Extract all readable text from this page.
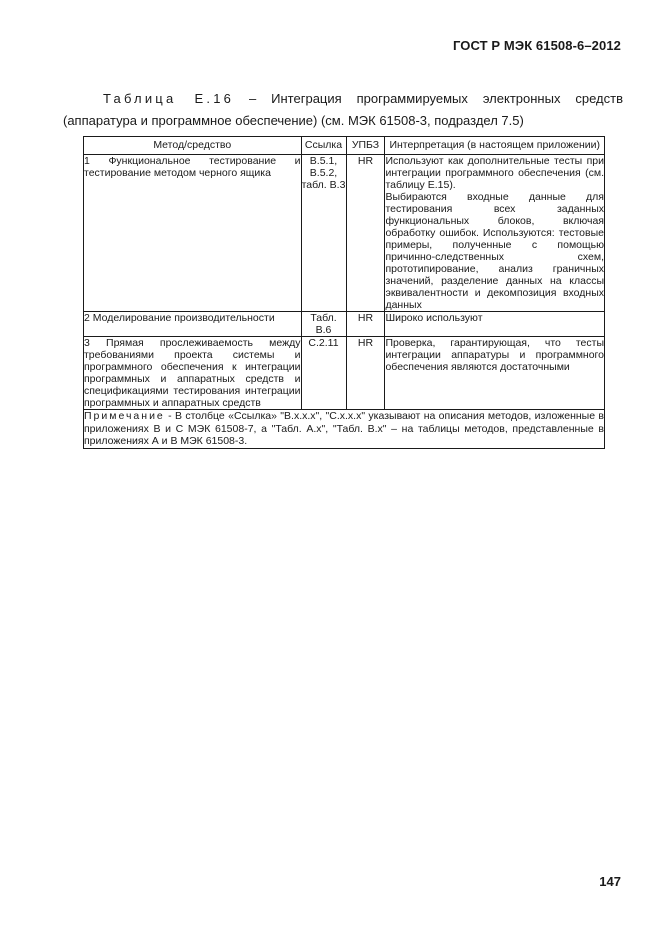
ГОСТ Р МЭК 61508-6–2012
Таблица Е.16 – Интеграция программируемых электронных средств
(аппаратура и программное обеспечение) (см. МЭК 61508-3, подраздел 7.5)
Метод/средство	Ссылка	УПБЗ	Интерпретация (в настоящем приложении)
1 Функциональное тестирование и тестирование методом черного ящика	В.5.1, В.5.2, табл. В.3	HR	Используют как дополнительные тесты при интеграции программного обеспечения (см. таблицу Е.15).

Выбираются входные данные для тестирования всех заданных функциональных блоков, включая обработку ошибок. Используются: тестовые примеры, полученные с помощью причинно-следственных схем, прототипирование, анализ граничных значений, разделение данных на классы эквивалентности и декомпозиция входных данных

2 Моделирование производительности	Табл. В.6	HR	Широко используют

3 Прямая прослеживаемость между требованиями проекта системы и программного обеспечения к интеграции программных и аппаратных средств и спецификациями тестирования интеграции программных и аппаратных средств	С.2.11	HR	Проверка, гарантирующая, что тесты интеграции аппаратуры и программного обеспечения являются достаточными

Примечание - В столбце «Ссылка» "В.х.х.х", "С.х.х.х" указывают на описания методов, изложенные в приложениях В и С МЭК 61508-7, а "Табл. А.х", "Табл. В.х" – на таблицы методов, представленные в приложениях А и В МЭК 61508-3.			
147
